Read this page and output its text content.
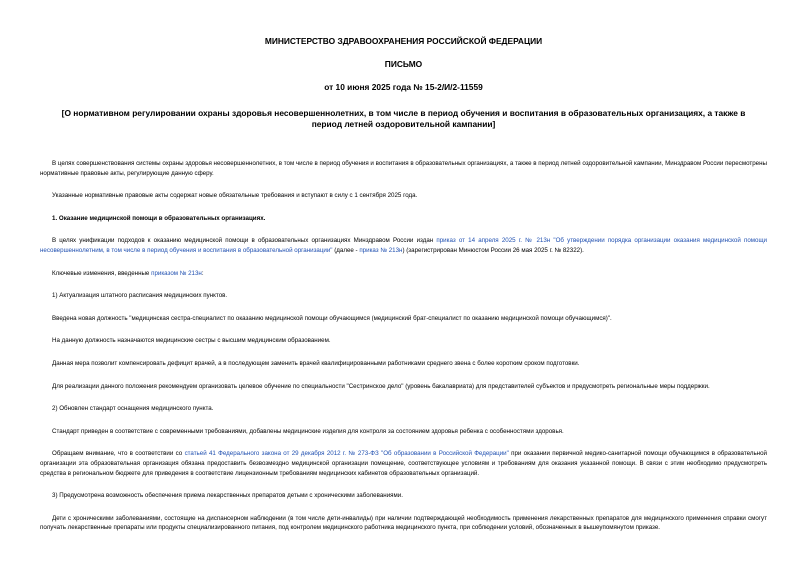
МИНИСТЕРСТВО ЗДРАВООХРАНЕНИЯ РОССИЙСКОЙ ФЕДЕРАЦИИ
ПИСЬМО
от 10 июня 2025 года № 15-2/И/2-11559
[О нормативном регулировании охраны здоровья несовершеннолетних, в том числе в период обучения и воспитания в образовательных организациях, а также в период летней оздоровительной кампании]

В целях совершенствования системы охраны здоровья несовершеннолетних, в том числе в период обучения и воспитания в образовательных организациях, а также в период летней оздоровительной кампании, Минздравом России пересмотрены нормативные правовые акты, регулирующие данную сферу.

Указанные нормативные правовые акты содержат новые обязательные требования и вступают в силу с 1 сентября 2025 года.

1. Оказание медицинской помощи в образовательных организациях.

В целях унификации подходов к оказанию медицинской помощи в образовательных организациях Минздравом России издан приказ от 14 апреля 2025 г. № 213н "Об утверждении порядка организации оказания медицинской помощи несовершеннолетним, в том числе в период обучения и воспитания в образовательной организации" (далее - приказ № 213н) (зарегистрирован Минюстом России 26 мая 2025 г. № 82322).

Ключевые изменения, введенные приказом № 213н:

1) Актуализация штатного расписания медицинских пунктов.

Введена новая должность "медицинская сестра-специалист по оказанию медицинской помощи обучающимся (медицинский брат-специалист по оказанию медицинской помощи обучающимся)".

На данную должность назначаются медицинские сестры с высшим медицинским образованием.

Данная мера позволит компенсировать дефицит врачей, а в последующем заменить врачей квалифицированными работниками среднего звена с более коротким сроком подготовки.

Для реализации данного положения рекомендуем организовать целевое обучение по специальности "Сестринское дело" (уровень бакалавриата) для представителей субъектов и предусмотреть региональные меры поддержки.

2) Обновлен стандарт оснащения медицинского пункта.

Стандарт приведен в соответствие с современными требованиями, добавлены медицинские изделия для контроля за состоянием здоровья ребенка с особенностями здоровья.

Обращаем внимание, что в соответствии со статьей 41 Федерального закона от 29 декабря 2012 г. № 273-ФЗ "Об образовании в Российской Федерации" при оказании первичной медико-санитарной помощи обучающимся в образовательной организации эта образовательная организация обязана предоставить безвозмездно медицинской организации помещение, соответствующее условиям и требованиям для оказания указанной помощи. В связи с этим необходимо предусмотреть средства в региональном бюджете для приведения в соответствие лицензионным требованиям медицинских кабинетов образовательных организаций.

3) Предусмотрена возможность обеспечения приема лекарственных препаратов детьми с хроническими заболеваниями.

Дети с хроническими заболеваниями, состоящие на диспансерном наблюдении (в том числе дети-инвалиды) при наличии подтверждающей необходимость применения лекарственных препаратов для медицинского применения справки смогут получать лекарственные препараты или продукты специализированного питания, под контролем медицинского работника медицинского пункта, при соблюдении условий, обозначенных в вышеупомянутом приказе.
